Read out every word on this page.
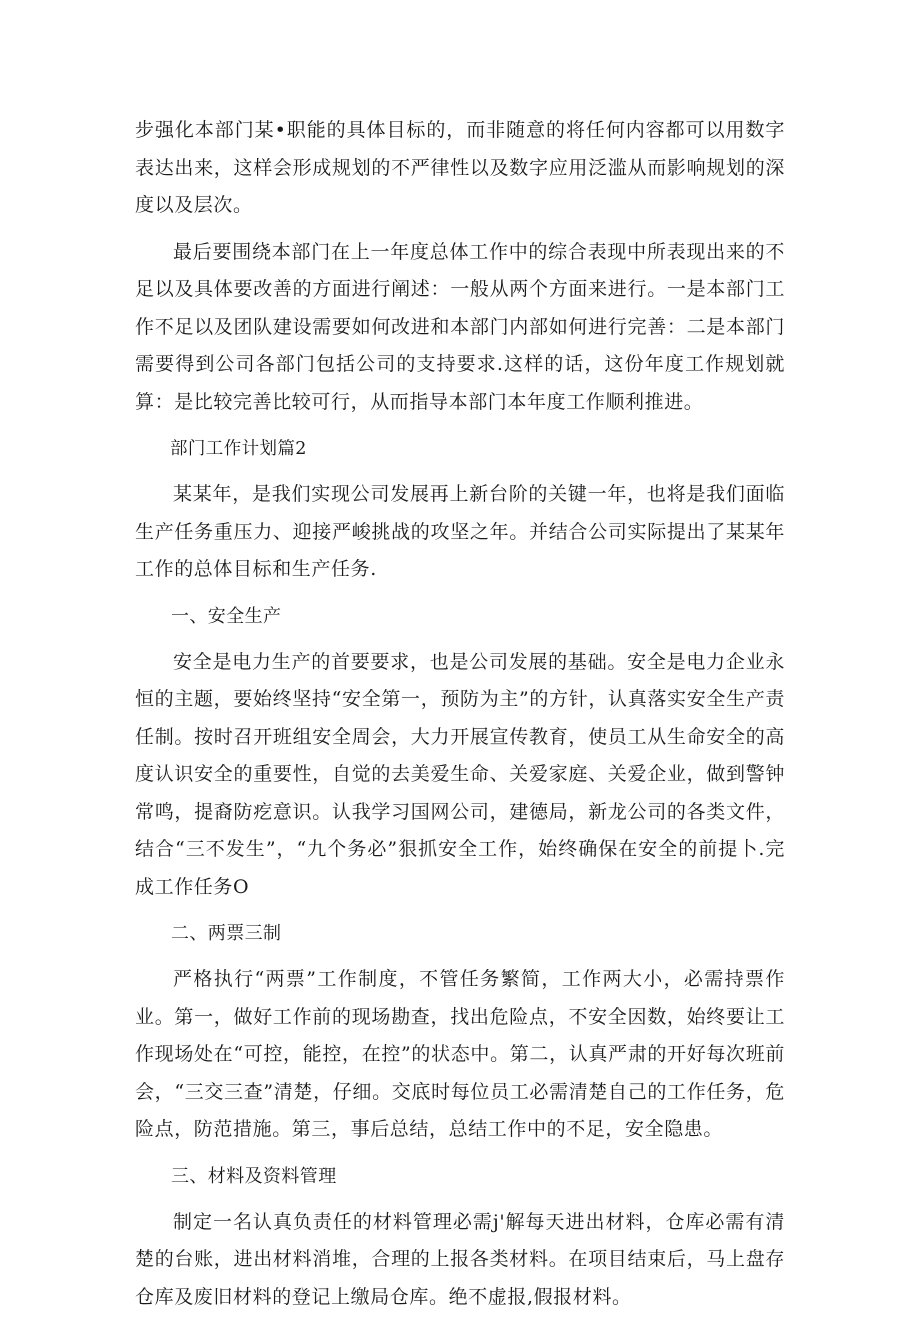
步强化本部门某•职能的具体目标的，而非随意的将任何内容都可以用数字表达出来，这样会形成规划的不严律性以及数字应用泛滥从而影响规划的深度以及层次。

最后要围绕本部门在上一年度总体工作中的综合表现中所表现出来的不足以及具体要改善的方面进行阐述：一般从两个方面来进行。一是本部门工作不足以及团队建设需要如何改进和本部门内部如何进行完善：二是本部门需要得到公司各部门包括公司的支持要求.这样的话，这份年度工作规划就算：是比较完善比较可行，从而指导本部门本年度工作顺利推进。

部门工作计划篇2

某某年，是我们实现公司发展再上新台阶的关键一年，也将是我们面临生产任务重压力、迎接严峻挑战的攻坚之年。并结合公司实际提出了某某年工作的总体目标和生产任务.

一、安全生产

安全是电力生产的首要要求，也是公司发展的基础。安全是电力企业永恒的主题，要始终坚持“安全第一，预防为主”的方针，认真落实安全生产责任制。按时召开班组安全周会，大力开展宣传教育，使员工从生命安全的高度认识安全的重要性，自觉的去美爱生命、关爱家庭、关爱企业，做到警钟常鸣，提裔防疙意识。认我学习国网公司，建德局，新龙公司的各类文件，结合“三不发生”，“九个务必”狠抓安全工作，始终确保在安全的前提卜.完成工作任务O

二、两票三制

严格执行“两票”工作制度，不管任务繁简，工作两大小，必需持票作业。第一，做好工作前的现场勘查，找出危险点，不安全因数，始终要让工作现场处在“可控，能控，在控”的状态中。第二，认真严肃的开好每次班前会，“三交三查”清楚，仔细。交底时每位员工必需清楚自己的工作任务，危险点，防范措施。第三，事后总结，总结工作中的不足，安全隐患。

三、材料及资料管理

制定一名认真负责任的材料管理必需j'解每天进出材料，仓库必需有清楚的台账，进出材料消堆，合理的上报各类材料。在项目结束后，马上盘存仓库及废旧材料的登记上缴局仓库。绝不虚报,假报材料。
